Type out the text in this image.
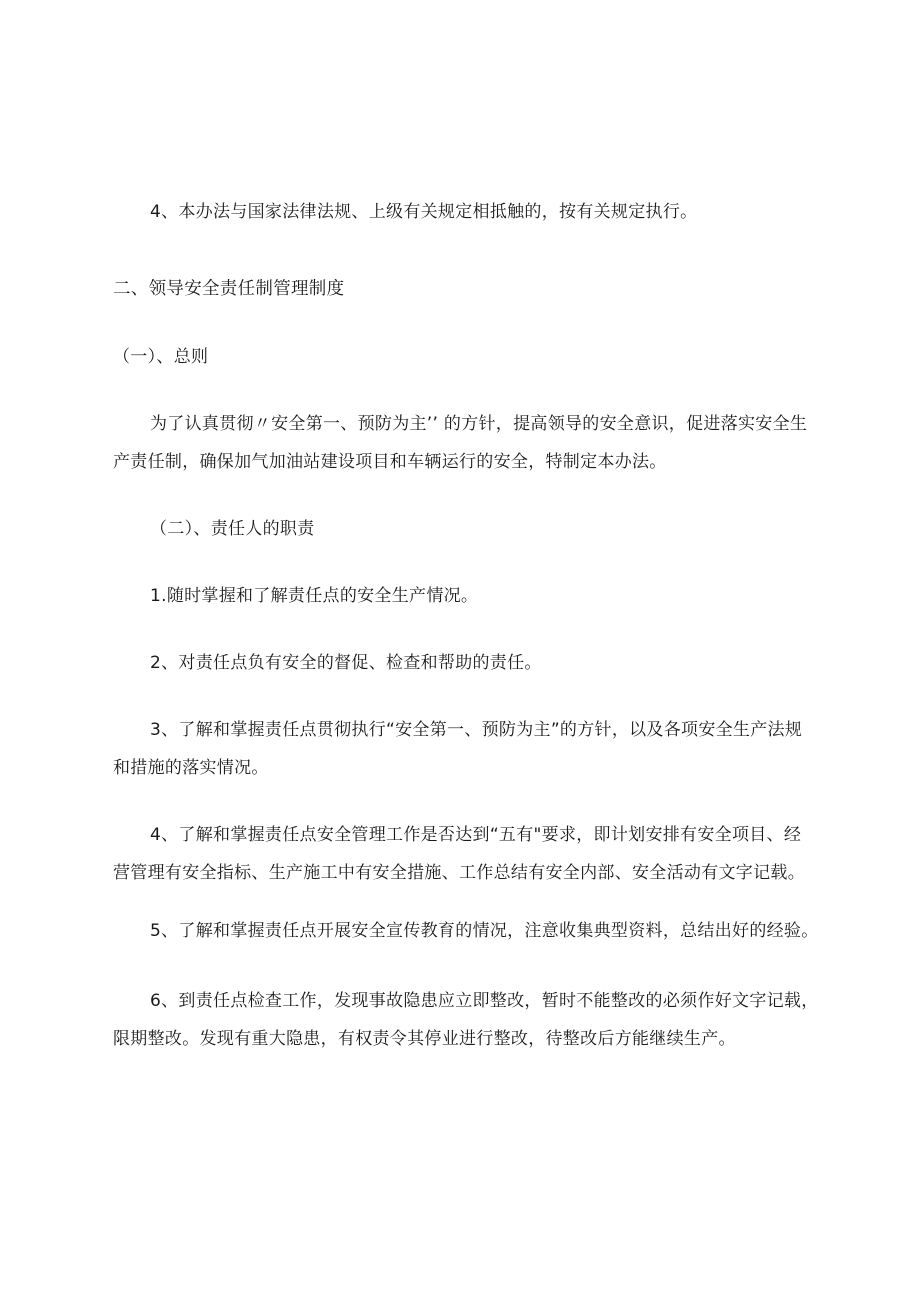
4、本办法与国家法律法规、上级有关规定相抵触的，按有关规定执行。
二、领导安全责任制管理制度
（一）、总则
为了认真贯彻〃安全第一、预防为主’’ 的方针，提高领导的安全意识，促进落实安全生
产责任制，确保加气加油站建设项目和车辆运行的安全，特制定本办法。
（二）、责任人的职责
1.随时掌握和了解责任点的安全生产情况。
2、对责任点负有安全的督促、检查和帮助的责任。
3、了解和掌握责任点贯彻执行“安全第一、预防为主”的方针，以及各项安全生产法规
和措施的落实情况。
4、了解和掌握责任点安全管理工作是否达到“五有"要求，即计划安排有安全项目、经
营管理有安全指标、生产施工中有安全措施、工作总结有安全内部、安全活动有文字记载。
5、了解和掌握责任点开展安全宣传教育的情况，注意收集典型资料，总结出好的经验。
6、到责任点检查工作，发现事故隐患应立即整改，暂时不能整改的必须作好文字记载，
限期整改。发现有重大隐患，有权责令其停业进行整改，待整改后方能继续生产。
